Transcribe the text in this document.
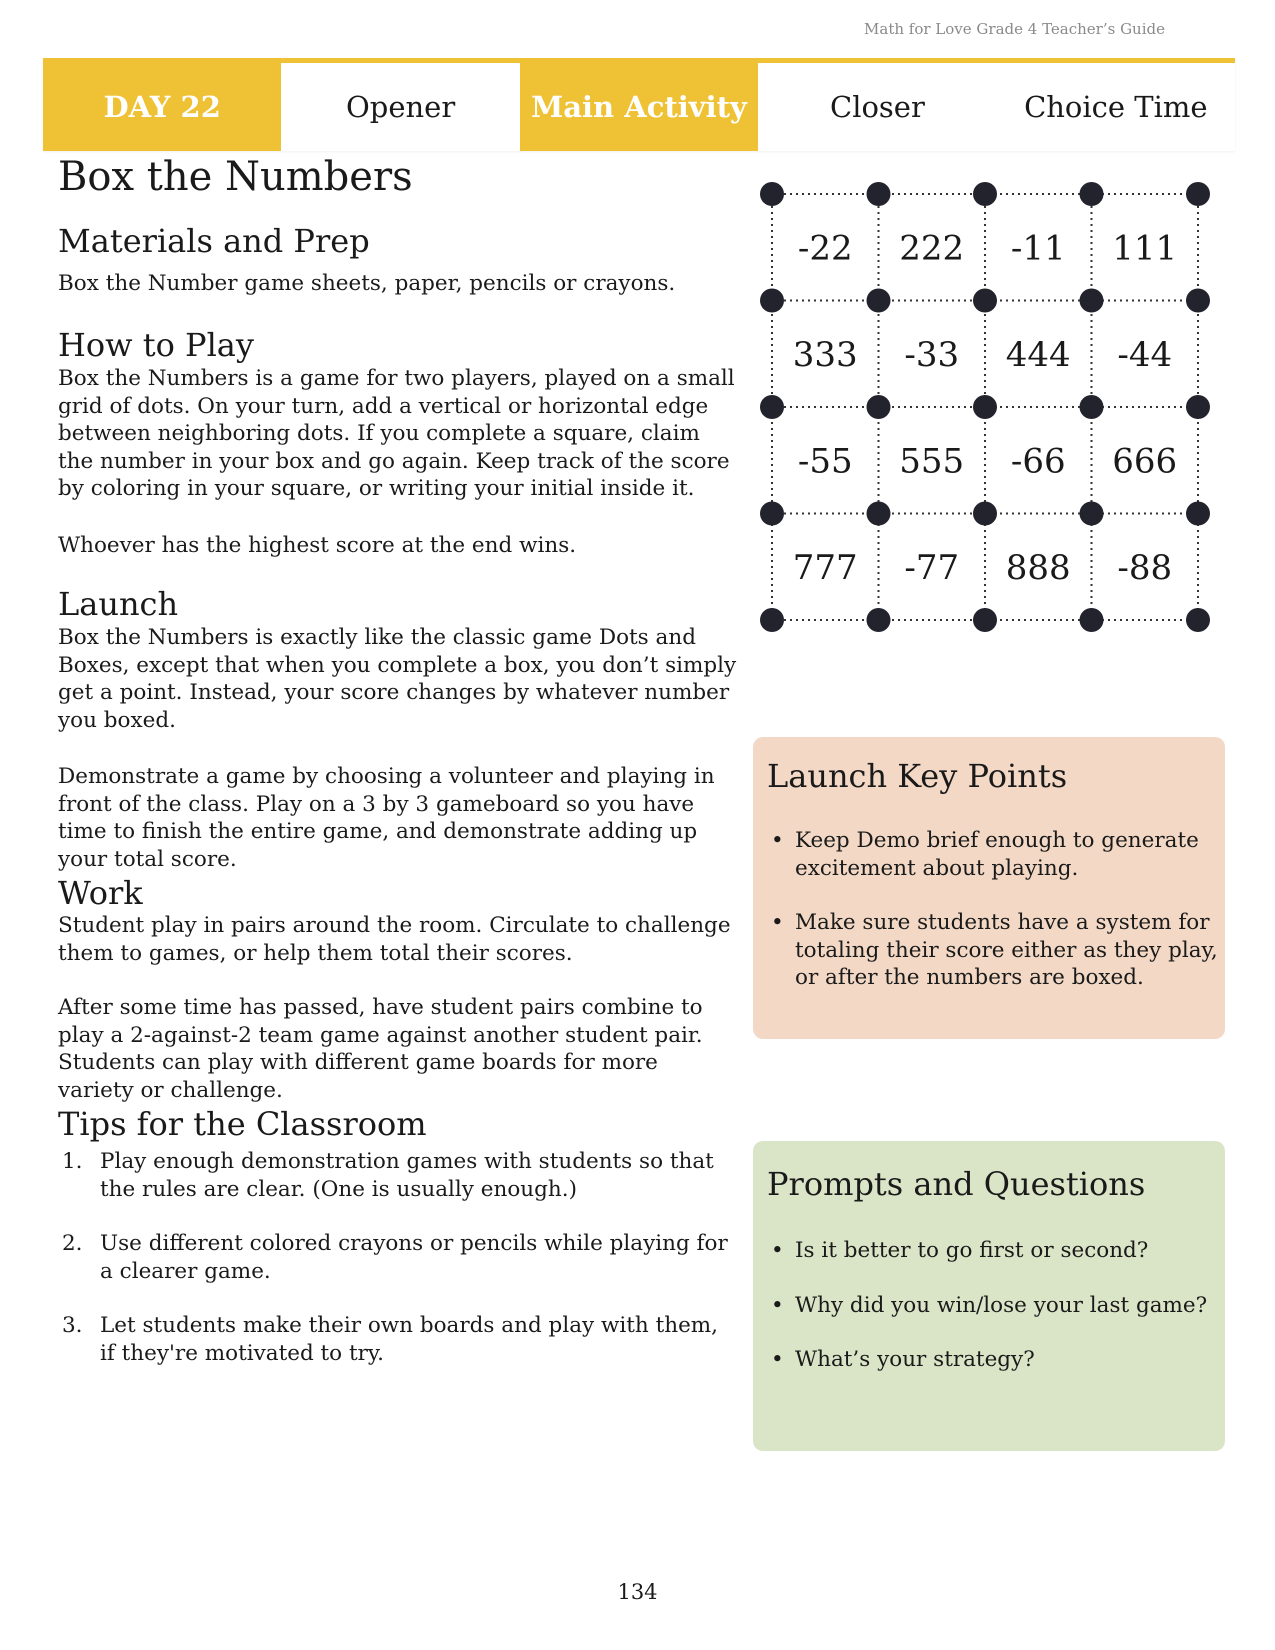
Math for Love Grade 4 Teacher’s Guide
DAY 22	Opener	Main Activity	Closer	Choice Time
Box the Numbers
Materials and Prep

Box the Number game sheets, paper, pencils or crayons.

How to Play

Box the Numbers is a game for two players, played on a small grid of dots. On your turn, add a vertical or horizontal edge between neighboring dots. If you complete a square, claim the number in your box and go again. Keep track of the score by coloring in your square, or writing your initial inside it.

Whoever has the highest score at the end wins.

Launch

Box the Numbers is exactly like the classic game Dots and Boxes, except that when you complete a box, you don’t simply get a point. Instead, your score changes by whatever number you boxed.

Demonstrate a game by choosing a volunteer and playing in front of the class. Play on a 3 by 3 gameboard so you have time to finish the entire game, and demonstrate adding up your total score.

Work

Student play in pairs around the room. Circulate to challenge them to games, or help them total their scores.

After some time has passed, have student pairs combine to play a 2-against-2 team game against another student pair. Students can play with different game boards for more variety or challenge.

Tips for the Classroom
1. Play enough demonstration games with students so that the rules are clear. (One is usually enough.)
2. Use different colored crayons or pencils while playing for a clearer game.
3. Let students make their own boards and play with them, if they're motivated to try.
-22 222 -11 111
333 -33 444 -44
-55 555 -66 666
777 -77 888 -88
Launch Key Points
• Keep Demo brief enough to generate excitement about playing.
• Make sure students have a system for totaling their score either as they play, or after the numbers are boxed.
Prompts and Questions
• Is it better to go first or second?
• Why did you win/lose your last game?
• What’s your strategy?
134
